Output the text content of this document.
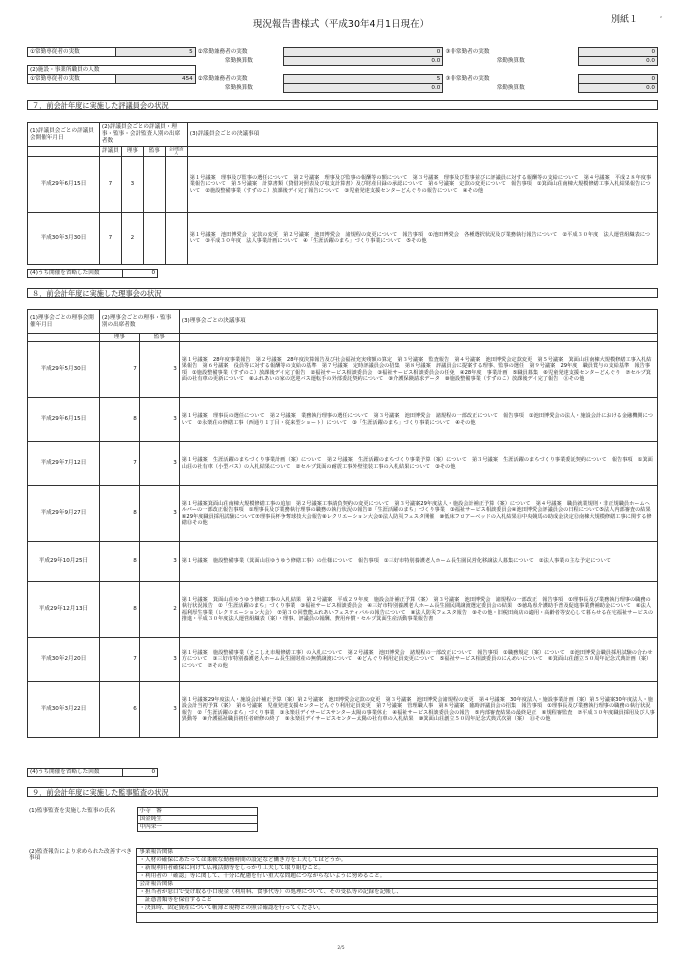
現況報告書様式（平成30年4月1日現在）	別紙１	²
①常勤専従者の実数	5	②常勤兼務者の実数	0	③非常勤者の実数	0
		常勤換算数	0.0	常勤換算数	0.0
(2)施設・事業所職員の人数					
①常勤専従者の実数	454	②常勤兼務者の実数	5	③非常勤者の実数	0
		常勤換算数	0.0	常勤換算数	0.0
７．前会計年度に実施した評議員会の状況
(1)評議員会ごとの評議員会開催年月日	(2)評議員会ごとの評議員・理事・監事・会計監査人別の出席者数				(3)評議員会ごとの決議事項
	評議員	理事	監事	会計監査人	
平成29年6月15日	7	3			第１号議案　理事及び監事の選任について　第２号議案　理事及び監事の報酬等の額について　第３号議案　理事及び監事並びに評議員に対する報酬等の支給について　第４号議案　平成２８年度事業報告について　第５号議案　計算書類（貸借対照表及び収支計算書）及び財産目録の承認について　第６号議案　定款の変更について　報告事項　①箕面山荘南棟大規模修繕工事入札結果報告について　②施設整備事業（すずのこ）放課後デイ完了報告について　③児童発達支援センターどんぐりの報告について　④その他
平成30年3月30日	7	2			第１号議案　池田博愛会　定款の変更　第２号議案　池田博愛会　諸規程の変更について　報告事項　①池田博愛会　各種選択状況及び業務執行報告について　②平成３０年度　法人運営組織表について　③平成３０年度　法人事業計画について　④「生涯活躍のまち」づくり事業について　⑤その他
(4)うち開催を省略した回数	0
８．前会計年度に実施した理事会の状況
(1)理事会ごとの理事会開催年月日	(2)理事会ごとの理事・監事別の出席者数		(3)理事会ごとの決議事項
	理事	監事	
平成29年5月30日	7	3	第１号議案　28年度事業報告　第２号議案　28年度決算報告及び社会福祉充実残額の算定　第３号議案　監査報告　第４号議案　池田博愛会定款変更　第５号議案　箕面山荘南棟大規模修繕工事入札結果報告　第６号議案　役員等に対する報酬等の支給の基準　第７号議案　定時評議員会の招集　第８号議案　評議員会に提案する理事、監事の選任　第９号議案　29年度　職員賞与の支給基準　報告事項　①施設整備事業（すずのこ）放課後デイ完了報告　②福祉サービス相談委員会　③福祉サービス相談委員会の任免　④28年度　事業計画　⑤職員募集　⑥児童発達支援センターどんぐり　⑦セルプ箕面の社有車の更新について　⑧ふれあいの家の送迎バス運転手の外部委託契約について　⑨介護保険請求データ　⑩施設整備事業（すずのこ）放課後デイ完了報告　⑪その他
平成29年6月15日	8	3	第１号議案　理事長の選任について　第２号議案　業務執行理事の選任について　第３号議案　池田博愛会　諸規程の一部改正について　報告事項　①池田博愛会の法人・施設会計における金融機関について　②永楽荘の修繕工事（西通り１丁目・従来型ショート）について　③「生涯活躍のまち」づくり事業について　④その他
平成29年7月12日	7	3	第１号議案　生涯活躍のまちづくり事業計画（案）について　第２号議案　生涯活躍のまちづくり事業予算（案）について　第３号議案　生涯活躍のまちづくり事業委託契約について　報告事項　①箕面山荘の社有車（小型バス）の入札結果について　②セルプ箕面の耐震工事外壁塗装工事の入札結果について　③その他
平成29年9月27日	8	3	第１号議案箕面山荘南棟大規模修繕工事の追加　第２号議案工事請負契約の変更について　第３号議案29年度法人・施設会計補正予算（案）について　第４号議案　職員就業規則・非正規職員ホームヘルパーの一部改正報告事項　①理事長及び業務執行理事の職務の執行状況の報告②「生涯活躍のまち」づくり事業　③福祉サービス相談委員会④池田博愛会評議員会の日程について⑤法人内部審査の結果⑥29年度職員採用試験について⑦理事長杯争奪球技大会報告⑧レクリエーション大会⑨法人防災フェスタ開催　⑩低床フロアーベッドの入札結果⑪中央競馬の助成金決定⑫南棟大規模修繕工事に関する修繕⑬その他
平成29年10月25日	8	3	第１号議案　施設整備事業（箕面山荘ゆうゆう修繕工事）の仕様について　報告事項　①三好市特別養護老人ホーム長生園民営化移譲法人募集について　②法人事業の主な予定について
平成29年12月13日	8	2	第１号議案　箕面山荘ゆうゆう修繕工事の入札結果　第２号議案　平成２９年度　施設会計補正予算（案）　第３号議案　池田博愛会　諸規程の一部改正　報告事項　①理事長及び業務執行理事の職務の執行状況報告　②「生涯活躍のまち」づくり事業　③福祉サービス相談委員会　④三好市特別養護老人ホーム長生園民間譲渡選定委員会の結果　⑤徳島県介護助手普及促進事業費補助金について　⑥法人福利厚生事業（レクリエーション大会）　⑦第３０回豊能ふれあいフェスティバルの報告について　⑧法人防災フェスタ報告　⑨その他・旧税田商店の適用・高齢者等安心して暮らせる在宅福祉サービスの推進・平成３０年度法人運営組織表（案）・理事、評議員の報酬、費用弁償・セルプ箕面生産活動事業報告書
平成30年2月20日	7	3	第１号議案　施設整備事業（とこしえ市場修繕工事）の入札について　第２号議案　池田博愛会　諸規程の一部改正について　報告事項　①職務規定（案）について　②池田博愛会職員採用試験の合わせ方について　③三好市特別養護老人ホーム長生園財産の無償譲渡について　④どんぐり利用定員変更について　⑤福祉サービス相談委員のにんめいについて　⑥箕面山荘創立５０周年記念式典計画（案）について　⑦その他
平成30年3月22日	6	3	第１号議案29年度法人・施設会計補正予算（案）第２号議案　池田博愛会定款の変更　第３号議案　池田博愛会諸規程の変更　第４号議案　30年度法人・施設事業計画（案）第５号議案30年度法人・施設会計当初予算（案）　第６号議案　児童発達支援センターどんぐり利用定員変更　第７号議案　管理職人事　第８号議案　臨時評議員会の招集　報告事項　①理事長及び業務執行理事の職務の執行状況報告　②「生涯活躍のまち」づくり事業　③永楽荘デイサービスサンター太陽の事業休止　④福祉サービス相談委員会の報告　⑤内部審査結果の最終是正　⑥規程審監査　⑦平成３０年度職員採用及び人事異動等　⑧介護福祉職員初任者研修の終了　⑨永楽荘デイサービスセンター太陽の社有車の入札結果　⑩箕面山荘創立５０周年記念式典式次第（案）　⑪その他
(4)うち開催を省略した回数	0
９．前会計年度に実施した監事監査の状況
(1)監事監査を実施した監事の氏名	小寺　審	
	国金純生	
	中內栄一	
(2)監査報告により求められた改善すべき事項	事業報告関係
	・人材の確保にあたっては柔軟な勤務時間の設定など働き方を工夫してはどうか。
	・新規利用者確保に向けて広報活動等をしっかり工夫して取り組むこと。
	・利用者の「確認」等に関して、十分に配慮を行い重大な問題につながらないように努めること。
	会計報告関係
	・担当者が窓口で受け取る小口現金（利用料、食事代等）の処理について、その受払等の記録を記帳し、
	　証憑書類等を保管すること
	・決算時、固定資産について帳簿と現物との照合確認を行ってください。

2/5
